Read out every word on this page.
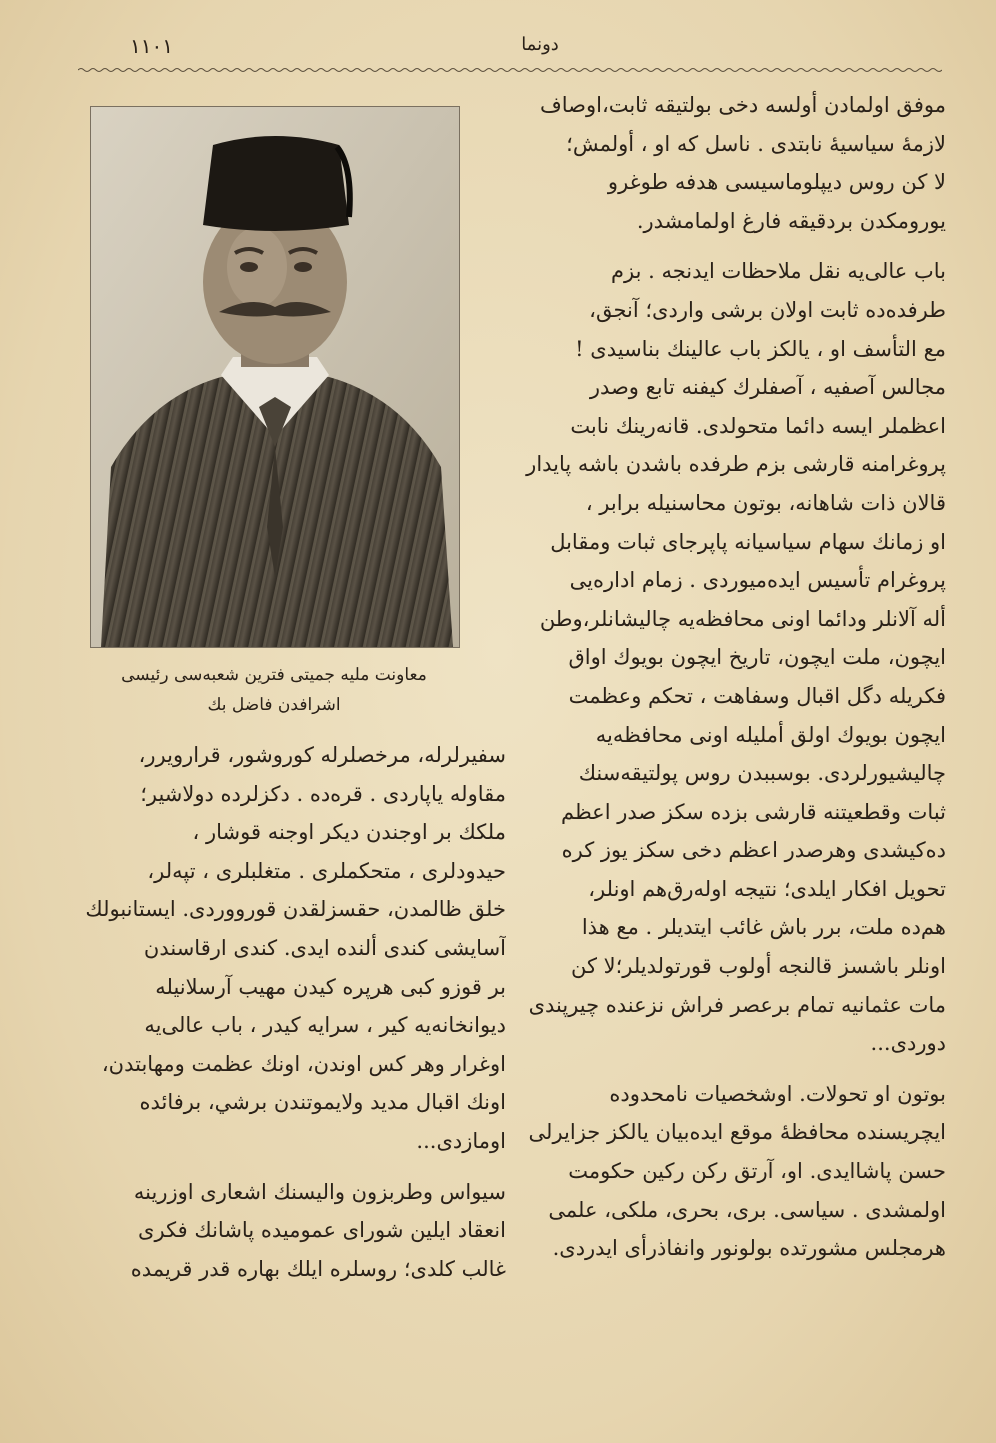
۱۱۰۱	دونما
معاونت ملیه جمیتی فترین شعبه‌سی رئیسی
اشرافدن فاضل بك

موفق اولمادن أولسه دخی بولتیقه ثابت،اوصاف
لازمهٔ سیاسیهٔ نابتدی . ناسل که او ، أولمش؛
لا کن روس دیپلوماسیسی هدفه طوغرو
یورومکدن بردقیقه فارغ اولمامشدر.

باب عالی‌یه نقل ملاحظات ایدنجه . بزم
طرفده‌ده ثابت اولان برشی واردی؛ آنجق،
مع التأسف او ، یالکز باب عالینك بناسیدی !
مجالس آصفیه ، آصفلرك کیفنه تابع وصدر
اعظملر ایسه دائما متحولدی. قانه‌رینك نابت
پروغرامنه قارشی بزم طرفده باشدن باشه پایدار
قالان ذات شاهانه، بوتون محاسنیله برابر ،
او زمانك سهام سیاسیانه پاپرجای ثبات ومقابل
پروغرام تأسیس ایده‌میوردی . زمام اداره‌یی
أله آلانلر ودائما اونی محافظه‌یه چالیشانلر،وطن
ایچون، ملت ایچون، تاریخ ایچون بویوك اواق
فکریله دگل اقبال وسفاهت ، تحکم وعظمت
ایچون بویوك اولق أملیله اونی محافظه‌یه
چالیشیورلردی. بوسببدن روس پولتیقه‌سنك
ثبات وقطعیتنه قارشی بزده سکز صدر اعظم
ده‌کیشدی وهرصدر اعظم دخی سکز یوز کره
تحویل افکار ایلدی؛ نتیجه اوله‌رق‌هم اونلر،
هم‌ده ملت، برر باش غائب ایتدیلر . مع هذا
اونلر باشسز قالنجه أولوب قورتولدیلر؛لا کن
مات عثمانیه تمام برعصر فراش نزعنده چیرپندی
دوردی...

بوتون او تحولات. اوشخصیات نامحدوده
ایچریسنده محافظهٔ موقع ایده‌بیان یالکز جزایرلی
حسن پاشاایدی. او، آرتق رکن رکین حکومت
اولمشدی . سیاسی. بری، بحری، ملکی، علمی
هرمجلس مشورتده بولونور وانفاذرأی ایدردی.

سفیرلرله، مرخصلرله کوروشور، قرارویرر،
مقاوله یاپاردی . قره‌ده . دکزلرده دولاشیر؛
ملکك بر اوجندن دیکر اوجنه قوشار ،
حیدودلری ، متحکملری . متغلبلری ، تپه‌لر،
خلق ظالمدن، حقسزلقدن قورووردی. ایستانبولك
آسایشی کندی ألنده ایدی. کندی ارقاسندن
بر قوزو کبی هرپره کیدن مهیب آرسلانیله
دیوانخانه‌یه کیر ، سرایه کیدر ، باب عالی‌یه
اوغرار وهر کس اوندن، اونك عظمت ومهابتدن،
اونك اقبال مدید ولایموتندن برشي، برفائده
اومازدی...

سیواس وطربزون والیسنك اشعاری اوزرینه
انعقاد ایلین شورای عمومیده پاشانك فکری
غالب کلدی؛ روسلره ایلك بهاره قدر قریمده
